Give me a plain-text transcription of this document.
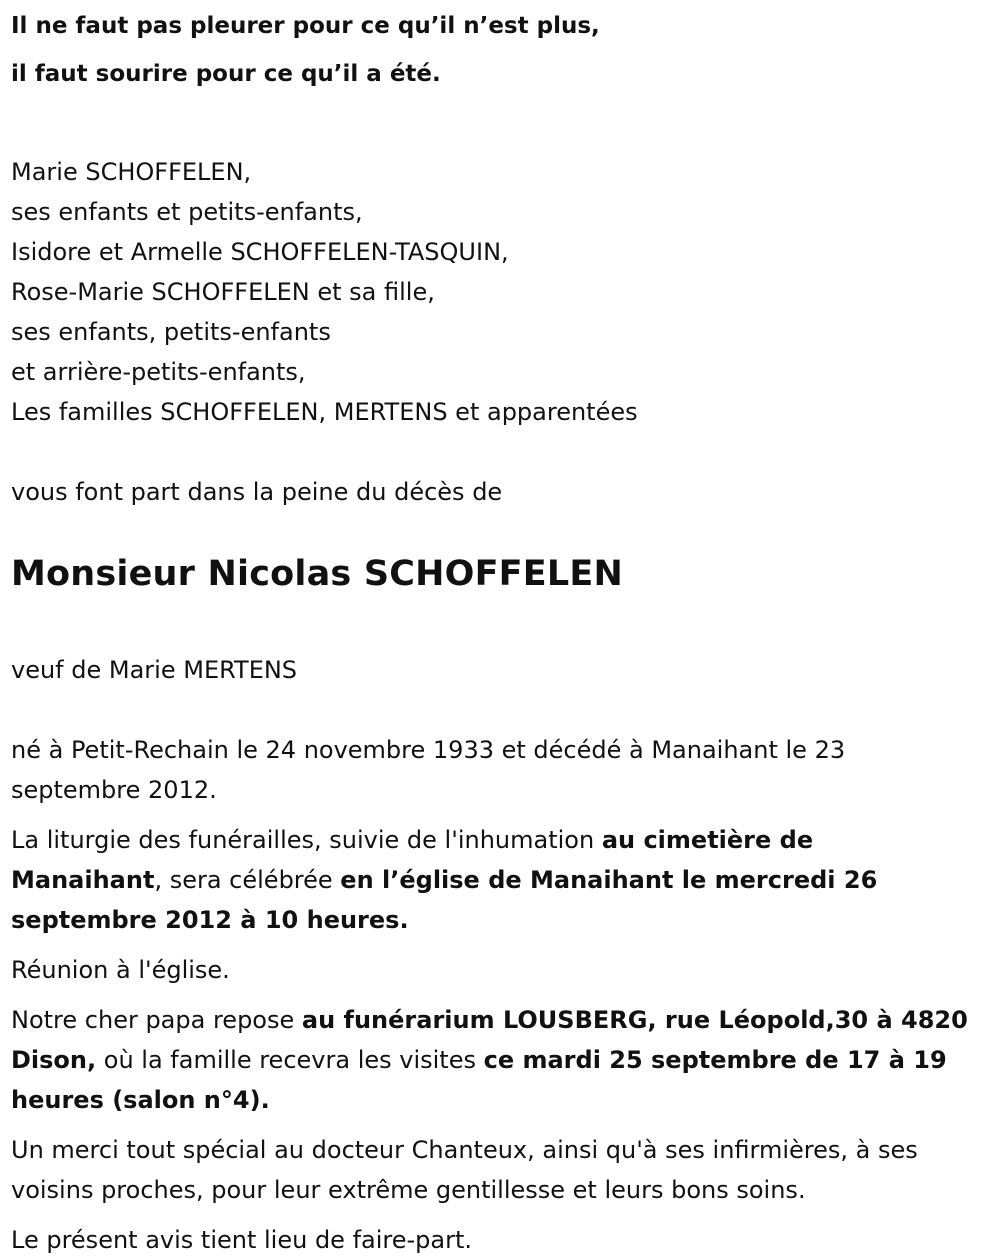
Il ne faut pas pleurer pour ce qu’il n’est plus,
il faut sourire pour ce qu’il a été.
Marie SCHOFFELEN,
ses enfants et petits-enfants,
Isidore et Armelle SCHOFFELEN-TASQUIN,
Rose-Marie SCHOFFELEN et sa fille,
ses enfants, petits-enfants
et arrière-petits-enfants,
Les familles SCHOFFELEN, MERTENS et apparentées
vous font part dans la peine du décès de
Monsieur Nicolas SCHOFFELEN
veuf de Marie MERTENS

né à Petit-Rechain le 24 novembre 1933 et décédé à Manaihant le 23 septembre 2012.

La liturgie des funérailles, suivie de l'inhumation au cimetière de Manaihant, sera célébrée en l’église de Manaihant le mercredi 26 septembre 2012 à 10 heures.

Réunion à l'église.

Notre cher papa repose au funérarium LOUSBERG, rue Léopold,30 à 4820 Dison, où la famille recevra les visites ce mardi 25 septembre de 17 à 19 heures (salon n°4).

Un merci tout spécial au docteur Chanteux, ainsi qu'à ses infirmières, à ses voisins proches, pour leur extrême gentillesse et leurs bons soins.

Le présent avis tient lieu de faire-part.
